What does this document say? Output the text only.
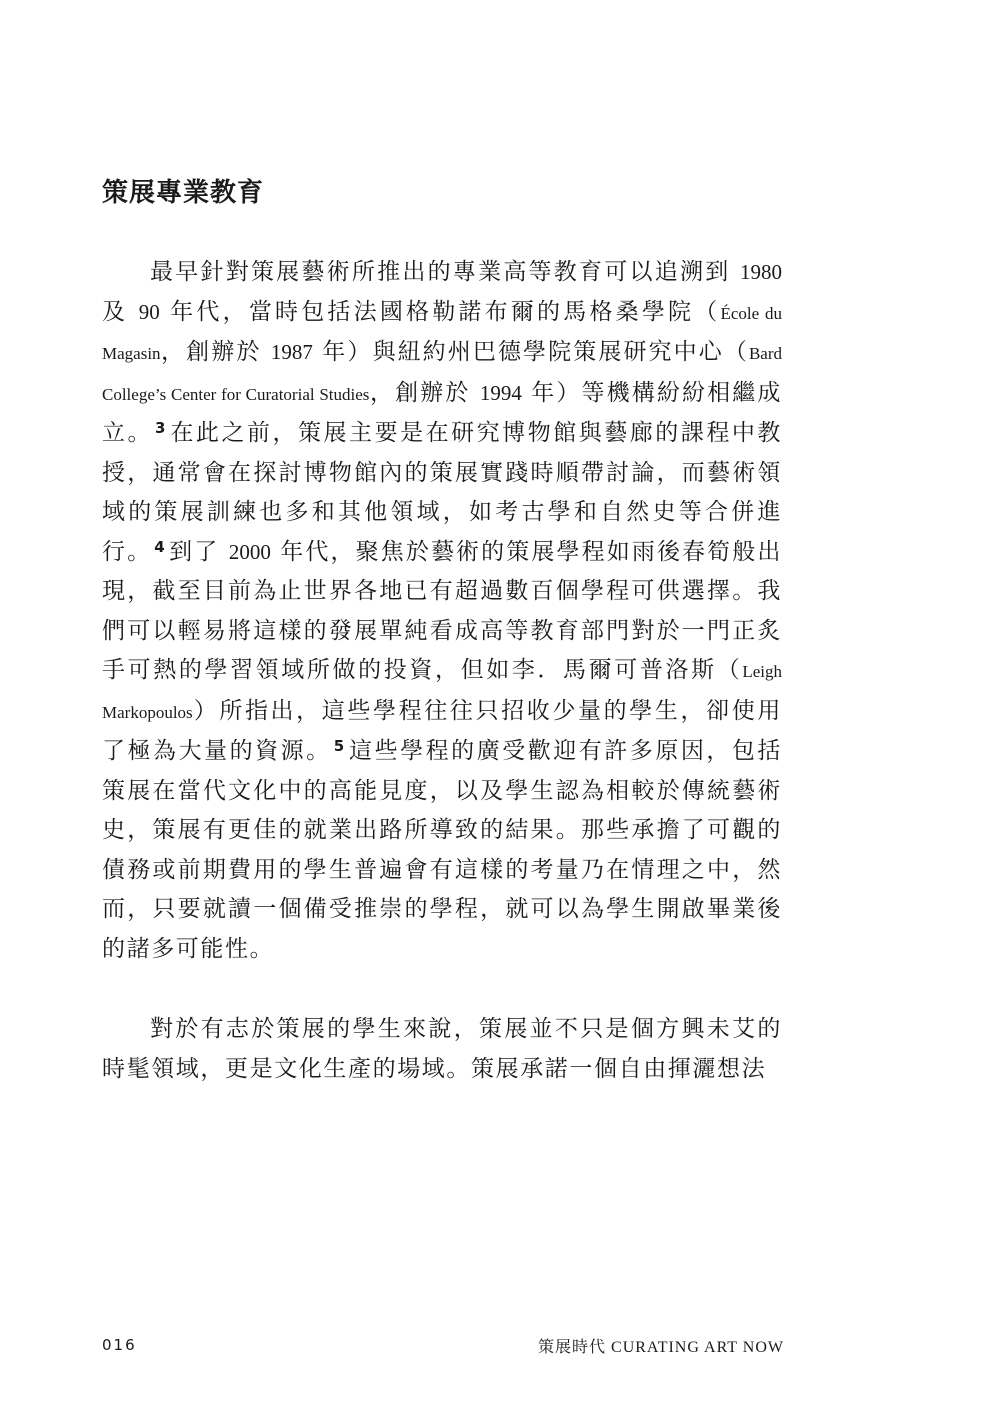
策展專業教育

最早針對策展藝術所推出的專業高等教育可以追溯到 1980及 90 年代，當時包括法國格勒諾布爾的馬格桑學院（École du Magasin，創辦於 1987 年）與紐約州巴德學院策展研究中心（Bard College’s Center for Curatorial Studies，創辦於 1994 年）等機構紛紛相繼成立。 $^3$ 在此之前，策展主要是在研究博物館與藝廊的課程中教授，通常會在探討博物館內的策展實踐時順帶討論，而藝術領域的策展訓練也多和其他領域，如考古學和自然史等合併進行。 $^4$ 到了 2000 年代，聚焦於藝術的策展學程如雨後春筍般出現，截至目前為止世界各地已有超過數百個學程可供選擇。我們可以輕易將這樣的發展單純看成高等教育部門對於一門正炙手可熱的學習領域所做的投資，但如李．馬爾可普洛斯（Leigh Markopoulos）所指出，這些學程往往只招收少量的學生，卻使用了極為大量的資源。 $^5$ 這些學程的廣受歡迎有許多原因，包括策展在當代文化中的高能見度，以及學生認為相較於傳統藝術史，策展有更佳的就業出路所導致的結果。那些承擔了可觀的債務或前期費用的學生普遍會有這樣的考量乃在情理之中，然而，只要就讀一個備受推崇的學程，就可以為學生開啟畢業後的諸多可能性。

對於有志於策展的學生來說，策展並不只是個方興未艾的時髦領域，更是文化生產的場域。策展承諾一個自由揮灑想法

016	策展時代 CURATING ART NOW
